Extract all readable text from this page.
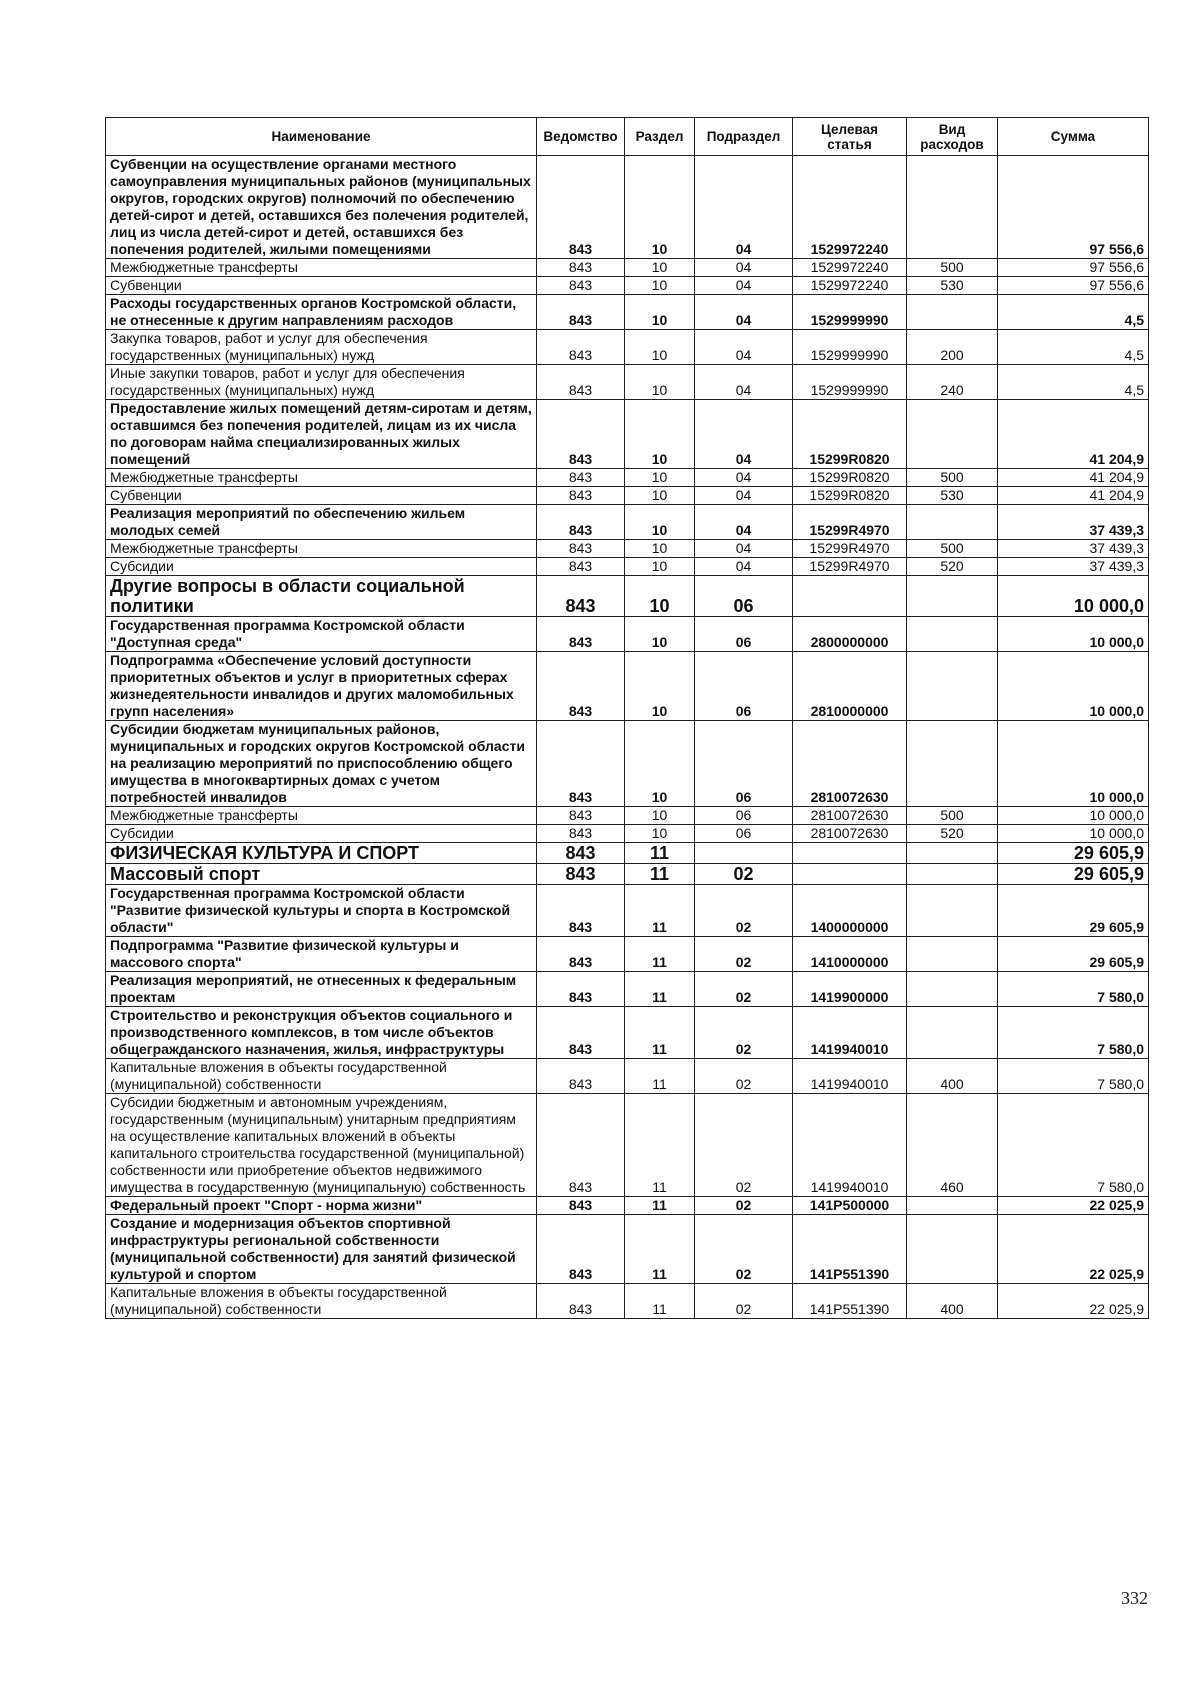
Наименование	Ведомство	Раздел	Подраздел	Целевая статья	Вид расходов	Сумма
Субвенции на осуществление органами местного самоуправления муниципальных районов (муниципальных округов, городских округов) полномочий по обеспечению детей-сирот и детей, оставшихся без полечения родителей, лиц из числа детей-сирот и детей, оставшихся без попечения родителей, жилыми помещениями	843	10	04	1529972240		97 556,6
Межбюджетные трансферты	843	10	04	1529972240	500	97 556,6
Субвенции	843	10	04	1529972240	530	97 556,6
Расходы государственных органов Костромской области, не отнесенные к другим направлениям расходов	843	10	04	1529999990		4,5
Закупка товаров, работ и услуг для обеспечения государственных (муниципальных) нужд	843	10	04	1529999990	200	4,5
Иные закупки товаров, работ и услуг для обеспечения государственных (муниципальных) нужд	843	10	04	1529999990	240	4,5
Предоставление жилых помещений детям-сиротам и детям, оставшимся без попечения родителей, лицам из их числа по договорам найма специализированных жилых помещений	843	10	04	15299R0820		41 204,9
Межбюджетные трансферты	843	10	04	15299R0820	500	41 204,9
Субвенции	843	10	04	15299R0820	530	41 204,9
Реализация мероприятий по обеспечению жильем молодых семей	843	10	04	15299R4970		37 439,3
Межбюджетные трансферты	843	10	04	15299R4970	500	37 439,3
Субсидии	843	10	04	15299R4970	520	37 439,3
Другие вопросы в области социальной политики	843	10	06			10 000,0
Государственная программа Костромской области "Доступная среда"	843	10	06	2800000000		10 000,0
Подпрограмма «Обеспечение условий доступности приоритетных объектов и услуг в приоритетных сферах жизнедеятельности инвалидов и других маломобильных групп населения»	843	10	06	2810000000		10 000,0
Субсидии бюджетам муниципальных районов, муниципальных и городских округов Костромской области на реализацию мероприятий по приспособлению общего имущества в многоквартирных домах с учетом потребностей инвалидов	843	10	06	2810072630		10 000,0
Межбюджетные трансферты	843	10	06	2810072630	500	10 000,0
Субсидии	843	10	06	2810072630	520	10 000,0
ФИЗИЧЕСКАЯ КУЛЬТУРА И СПОРТ	843	11				29 605,9
Массовый спорт	843	11	02			29 605,9
Государственная программа Костромской области "Развитие физической культуры и спорта в Костромской области"	843	11	02	1400000000		29 605,9
Подпрограмма "Развитие физической культуры и массового спорта"	843	11	02	1410000000		29 605,9
Реализация мероприятий, не отнесенных к федеральным проектам	843	11	02	1419900000		7 580,0
Строительство и реконструкция объектов социального и производственного комплексов, в том числе объектов общегражданского назначения, жилья, инфраструктуры	843	11	02	1419940010		7 580,0
Капитальные вложения в объекты государственной (муниципальной) собственности	843	11	02	1419940010	400	7 580,0
Субсидии бюджетным и автономным учреждениям, государственным (муниципальным) унитарным предприятиям на осуществление капитальных вложений в объекты капитального строительства государственной (муниципальной) собственности или приобретение объектов недвижимого имущества в государственную (муниципальную) собственность	843	11	02	1419940010	460	7 580,0
Федеральный проект "Спорт - норма жизни"	843	11	02	141Р500000		22 025,9
Создание и модернизация объектов спортивной инфраструктуры региональной собственности (муниципальной собственности) для занятий физической культурой и спортом	843	11	02	141Р551390		22 025,9
Капитальные вложения в объекты государственной (муниципальной) собственности	843	11	02	141Р551390	400	22 025,9
332
